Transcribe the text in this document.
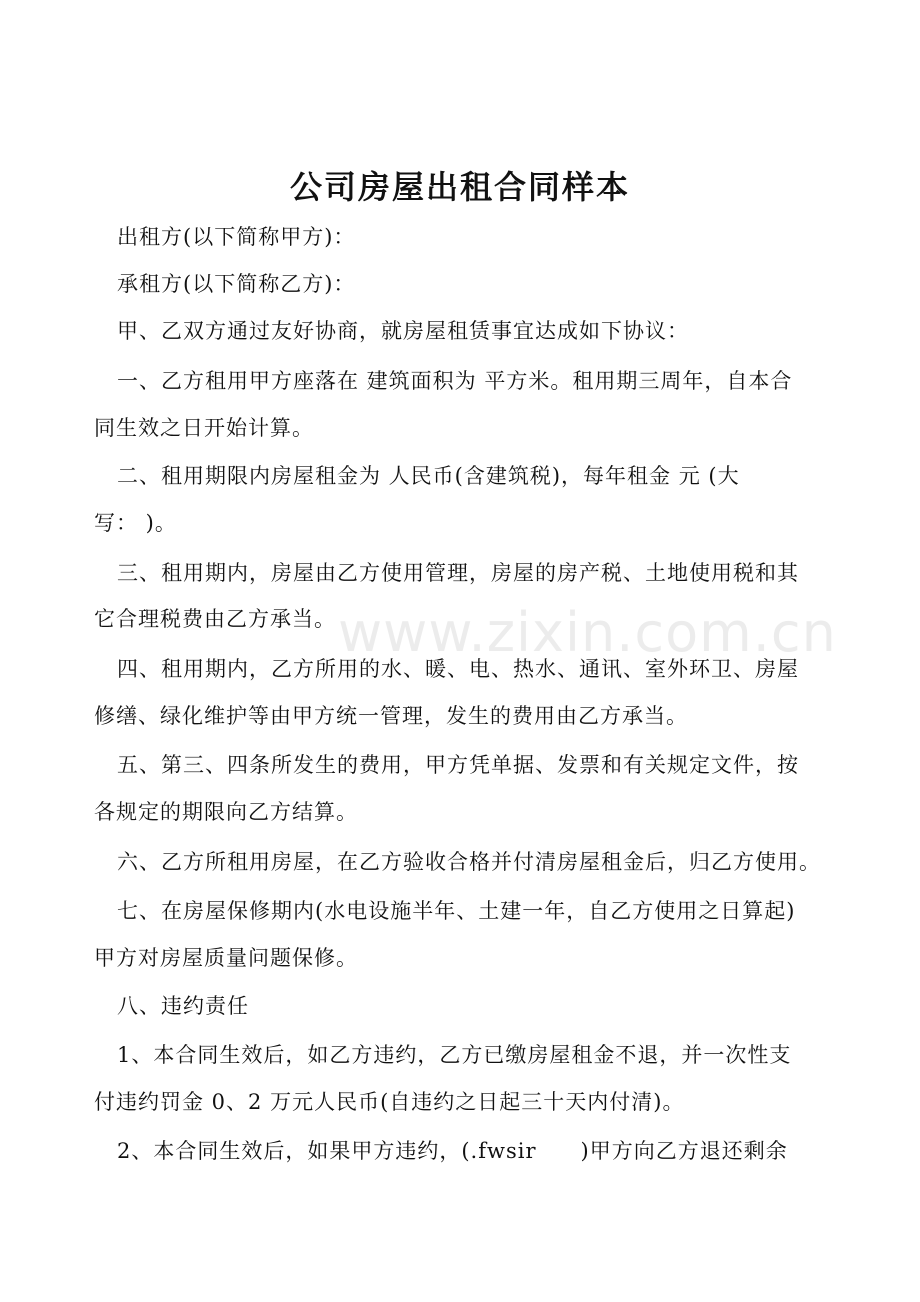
公司房屋出租合同样本
出租方(以下简称甲方)：
承租方(以下简称乙方)：
甲、乙双方通过友好协商，就房屋租赁事宜达成如下协议：
一、乙方租用甲方座落在 建筑面积为 平方米。租用期三周年，自本合
同生效之日开始计算。
二、租用期限内房屋租金为 人民币(含建筑税)，每年租金 元 (大
写： )。
三、租用期内，房屋由乙方使用管理，房屋的房产税、土地使用税和其
它合理税费由乙方承当。
四、租用期内，乙方所用的水、暖、电、热水、通讯、室外环卫、房屋
修缮、绿化维护等由甲方统一管理，发生的费用由乙方承当。
五、第三、四条所发生的费用，甲方凭单据、发票和有关规定文件，按
各规定的期限向乙方结算。
六、乙方所租用房屋，在乙方验收合格并付清房屋租金后，归乙方使用。
七、在房屋保修期内(水电设施半年、土建一年，自乙方使用之日算起)
甲方对房屋质量问题保修。
八、违约责任
1、本合同生效后，如乙方违约，乙方已缴房屋租金不退，并一次性支
付违约罚金 0、2 万元人民币(自违约之日起三十天内付清)。
2、本合同生效后，如果甲方违约，(.fwsir　　)甲方向乙方退还剩余
www.zixin.com.cn
